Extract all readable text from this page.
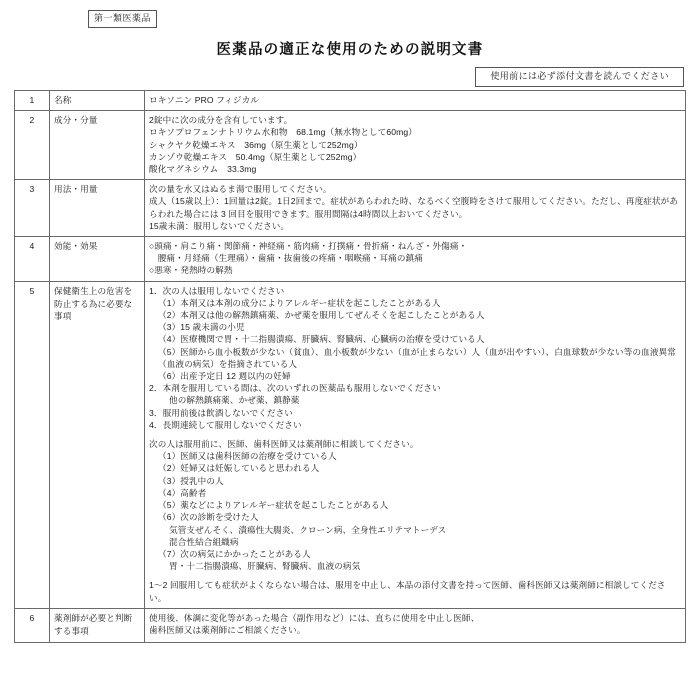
第一類医薬品
医薬品の適正な使用のための説明文書
使用前には必ず添付文書を読んでください
1	名称	ロキソニン PRO フィジカル

2	成分・分量	2錠中に次の成分を含有しています。
ロキソプロフェンナトリウム水和物　68.1mg（無水物として60mg）
シャクヤク乾燥エキス　36mg（原生薬として252mg）
カンゾウ乾燥エキス　50.4mg（原生薬として252mg）
酸化マグネシウム　33.3mg

3	用法・用量	次の量を水又はぬるま湯で服用してください。
成人（15歳以上）：1回量は2錠。1日2回まで。症状があらわれた時、なるべく空腹時をさけて服用してください。ただし、再度症状があらわれた場合には 3 回目を服用できます。服用間隔は4時間以上おいてください。
15歳未満：服用しないでください。

4	効能・効果	○頭痛・肩こり痛・関節痛・神経痛・筋肉痛・打撲痛・骨折痛・ねんざ・外傷痛・
　腰痛・月経痛（生理痛）・歯痛・抜歯後の疼痛・咽喉痛・耳痛の鎮痛
○悪寒・発熱時の解熱

5	保健衛生上の危害を防止する為に必要な事項

1．次の人は服用しないでください
（1）本剤又は本剤の成分によりアレルギー症状を起こしたことがある人
（2）本剤又は他の解熱鎮痛薬、かぜ薬を服用してぜんそくを起こしたことがある人
（3）15 歳未満の小児
（4）医療機関で胃・十二指腸潰瘍、肝臓病、腎臓病、心臓病の治療を受けている人
（5）医師から血小板数が少ない（貧血）、血小板数が少ない（血が止まらない）人（血が出やすい）、白血球数が少ない等の血液異常（血液の病気）を指摘されている人
（6）出産予定日 12 週以内の妊婦
2．本剤を服用している間は、次のいずれの医薬品も服用しないでください
他の解熱鎮痛薬、かぜ薬、鎮静薬
3．服用前後は飲酒しないでください
4．長期連続して服用しないでください
次の人は服用前に、医師、歯科医師又は薬剤師に相談してください。
（1）医師又は歯科医師の治療を受けている人
（2）妊婦又は妊娠していると思われる人
（3）授乳中の人
（4）高齢者
（5）薬などによりアレルギー症状を起こしたことがある人
（6）次の診断を受けた人
気管支ぜんそく、潰瘍性大腸炎、クローン病、全身性エリテマトーデス
混合性結合組織病
（7）次の病気にかかったことがある人
胃・十二指腸潰瘍、肝臓病、腎臓病、血液の病気
1～2 回服用しても症状がよくならない場合は、服用を中止し、本品の添付文書を持って医師、歯科医師又は薬剤師に相談してください。

6	薬剤師が必要と判断する事項	使用後、体調に変化等があった場合（副作用など）には、直ちに使用を中止し医師、
歯科医師又は薬剤師にご相談ください。
